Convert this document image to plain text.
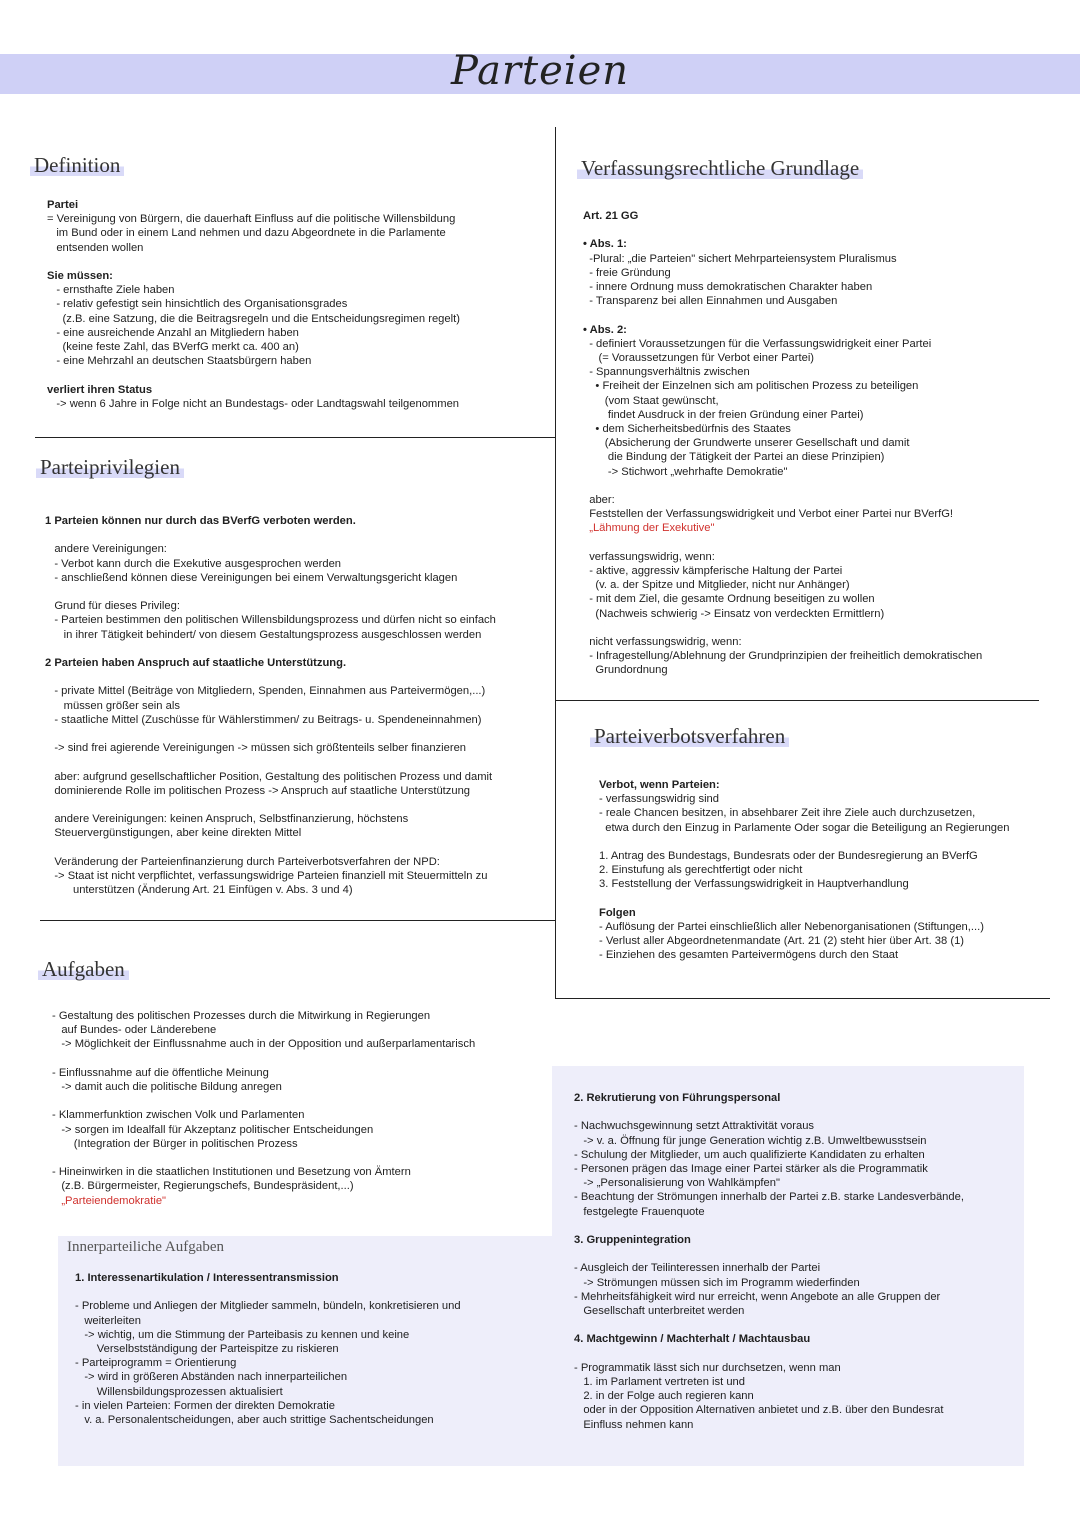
Parteien
Definition
Parteiprivilegien
Aufgaben
Verfassungsrechtliche Grundlage
Parteiverbotsverfahren
Innerparteiliche Aufgaben
Partei
= Vereinigung von Bürgern, die dauerhaft Einfluss auf die politische Willensbildung
im Bund oder in einem Land nehmen und dazu Abgeordnete in die Parlamente
entsenden wollen
Sie müssen:
- ernsthafte Ziele haben
- relativ gefestigt sein hinsichtlich des Organisationsgrades
(z.B. eine Satzung, die die Beitragsregeln und die Entscheidungsregimen regelt)
- eine ausreichende Anzahl an Mitgliedern haben
(keine feste Zahl, das BVerfG merkt ca. 400 an)
- eine Mehrzahl an deutschen Staatsbürgern haben
verliert ihren Status
-> wenn 6 Jahre in Folge nicht an Bundestags- oder Landtagswahl teilgenommen
1 Parteien können nur durch das BVerfG verboten werden.
andere Vereinigungen:
- Verbot kann durch die Exekutive ausgesprochen werden
- anschließend können diese Vereinigungen bei einem Verwaltungsgericht klagen
Grund für dieses Privileg:
- Parteien bestimmen den politischen Willensbildungsprozess und dürfen nicht so einfach
in ihrer Tätigkeit behindert/ von diesem Gestaltungsprozess ausgeschlossen werden
2 Parteien haben Anspruch auf staatliche Unterstützung.
- private Mittel (Beiträge von Mitgliedern, Spenden, Einnahmen aus Parteivermögen,...)
müssen größer sein als
- staatliche Mittel (Zuschüsse für Wählerstimmen/ zu Beitrags- u. Spendeneinnahmen)
-> sind frei agierende Vereinigungen -> müssen sich größtenteils selber finanzieren
aber: aufgrund gesellschaftlicher Position, Gestaltung des politischen Prozess und damit
dominierende Rolle im politischen Prozess -> Anspruch auf staatliche Unterstützung
andere Vereinigungen: keinen Anspruch, Selbstfinanzierung, höchstens
Steuervergünstigungen, aber keine direkten Mittel
Veränderung der Parteienfinanzierung durch Parteiverbotsverfahren der NPD:
-> Staat ist nicht verpflichtet, verfassungswidrige Parteien finanziell mit Steuermitteln zu
unterstützen (Änderung Art. 21 Einfügen v. Abs. 3 und 4)
- Gestaltung des politischen Prozesses durch die Mitwirkung in Regierungen
auf Bundes- oder Länderebene
-> Möglichkeit der Einflussnahme auch in der Opposition und außerparlamentarisch
- Einflussnahme auf die öffentliche Meinung
-> damit auch die politische Bildung anregen
- Klammerfunktion zwischen Volk und Parlamenten
-> sorgen im Idealfall für Akzeptanz politischer Entscheidungen
(Integration der Bürger in politischen Prozess
- Hineinwirken in die staatlichen Institutionen und Besetzung von Ämtern
(z.B. Bürgermeister, Regierungschefs, Bundespräsident,...)
„Parteiendemokratie"
1. Interessenartikulation / Interessentransmission
- Probleme und Anliegen der Mitglieder sammeln, bündeln, konkretisieren und
weiterleiten
-> wichtig, um die Stimmung der Parteibasis zu kennen und keine
Verselbstständigung der Parteispitze zu riskieren
- Parteiprogramm = Orientierung
-> wird in größeren Abständen nach innerparteilichen
Willensbildungsprozessen aktualisiert
- in vielen Parteien: Formen der direkten Demokratie
v. a. Personalentscheidungen, aber auch strittige Sachentscheidungen
Art. 21 GG
• Abs. 1:
-Plural: „die Parteien" sichert Mehrparteiensystem Pluralismus
- freie Gründung
- innere Ordnung muss demokratischen Charakter haben
- Transparenz bei allen Einnahmen und Ausgaben
• Abs. 2:
- definiert Voraussetzungen für die Verfassungswidrigkeit einer Partei
(= Voraussetzungen für Verbot einer Partei)
- Spannungsverhältnis zwischen
• Freiheit der Einzelnen sich am politischen Prozess zu beteiligen
(vom Staat gewünscht,
findet Ausdruck in der freien Gründung einer Partei)
• dem Sicherheitsbedürfnis des Staates
(Absicherung der Grundwerte unserer Gesellschaft und damit
die Bindung der Tätigkeit der Partei an diese Prinzipien)
-> Stichwort „wehrhafte Demokratie"
aber:
Feststellen der Verfassungswidrigkeit und Verbot einer Partei nur BVerfG!
„Lähmung der Exekutive"
verfassungswidrig, wenn:
- aktive, aggressiv kämpferische Haltung der Partei
(v. a. der Spitze und Mitglieder, nicht nur Anhänger)
- mit dem Ziel, die gesamte Ordnung beseitigen zu wollen
(Nachweis schwierig -> Einsatz von verdeckten Ermittlern)
nicht verfassungswidrig, wenn:
- Infragestellung/Ablehnung der Grundprinzipien der freiheitlich demokratischen
Grundordnung
Verbot, wenn Parteien:
- verfassungswidrig sind
- reale Chancen besitzen, in absehbarer Zeit ihre Ziele auch durchzusetzen,
etwa durch den Einzug in Parlamente Oder sogar die Beteiligung an Regierungen
1. Antrag des Bundestags, Bundesrats oder der Bundesregierung an BVerfG
2. Einstufung als gerechtfertigt oder nicht
3. Feststellung der Verfassungswidrigkeit in Hauptverhandlung
Folgen
- Auflösung der Partei einschließlich aller Nebenorganisationen (Stiftungen,...)
- Verlust aller Abgeordnetenmandate (Art. 21 (2) steht hier über Art. 38 (1)
- Einziehen des gesamten Parteivermögens durch den Staat
2. Rekrutierung von Führungspersonal
- Nachwuchsgewinnung setzt Attraktivität voraus
-> v. a. Öffnung für junge Generation wichtig z.B. Umweltbewusstsein
- Schulung der Mitglieder, um auch qualifizierte Kandidaten zu erhalten
- Personen prägen das Image einer Partei stärker als die Programmatik
-> „Personalisierung von Wahlkämpfen"
- Beachtung der Strömungen innerhalb der Partei z.B. starke Landesverbände,
festgelegte Frauenquote
3. Gruppenintegration
- Ausgleich der Teilinteressen innerhalb der Partei
-> Strömungen müssen sich im Programm wiederfinden
- Mehrheitsfähigkeit wird nur erreicht, wenn Angebote an alle Gruppen der
Gesellschaft unterbreitet werden
4. Machtgewinn / Machterhalt / Machtausbau
- Programmatik lässt sich nur durchsetzen, wenn man
1. im Parlament vertreten ist und
2. in der Folge auch regieren kann
oder in der Opposition Alternativen anbietet und z.B. über den Bundesrat
Einfluss nehmen kann
